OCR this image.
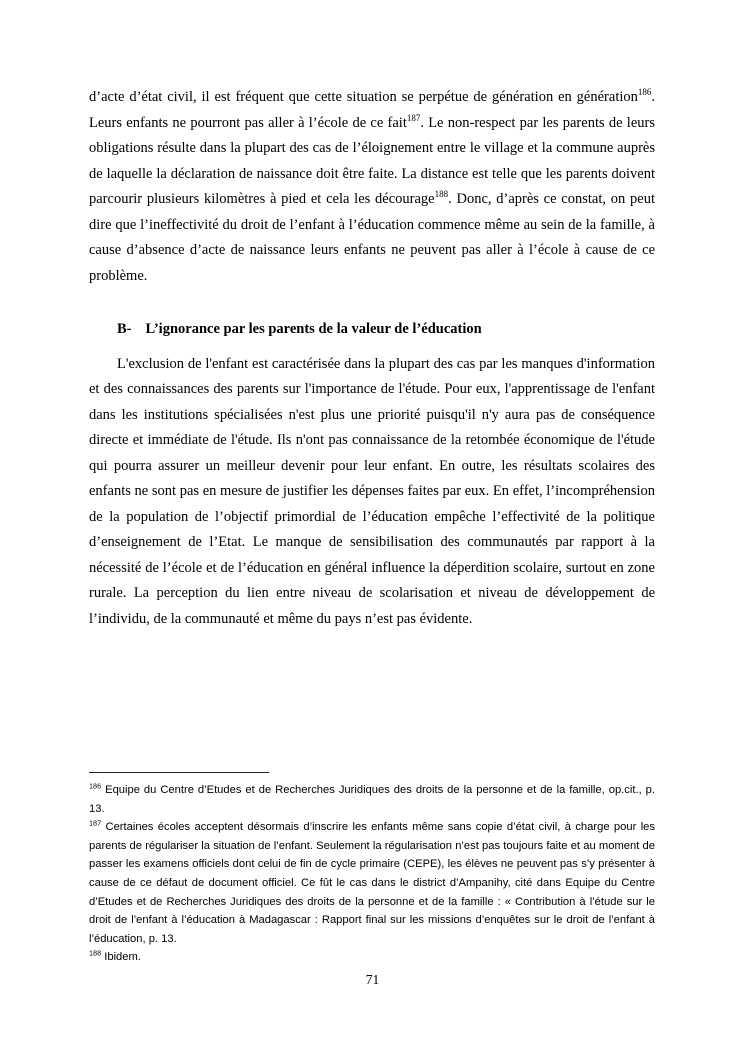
d’acte d’état civil, il est fréquent que cette situation se perpétue de génération en génération$^{186}$. Leurs enfants ne pourront pas aller à l’école de ce fait$^{187}$. Le non-respect par les parents de leurs obligations résulte dans la plupart des cas de l’éloignement entre le village et la commune auprès de laquelle la déclaration de naissance doit être faite. La distance est telle que les parents doivent parcourir plusieurs kilomètres à pied et cela les décourage$^{188}$. Donc, d’après ce constat, on peut dire que l’ineffectivité du droit de l’enfant à l’éducation commence même au sein de la famille, à cause d’absence d’acte de naissance leurs enfants ne peuvent pas aller à l’école à cause de ce problème.

B- L’ignorance par les parents de la valeur de l’éducation

L'exclusion de l'enfant est caractérisée dans la plupart des cas par les manques d'information et des connaissances des parents sur l'importance de l'étude. Pour eux, l'apprentissage de l'enfant dans les institutions spécialisées n'est plus une priorité puisqu'il n'y aura pas de conséquence directe et immédiate de l'étude. Ils n'ont pas connaissance de la retombée économique de l'étude qui pourra assurer un meilleur devenir pour leur enfant. En outre, les résultats scolaires des enfants ne sont pas en mesure de justifier les dépenses faites par eux. En effet, l’incompréhension de la population de l’objectif primordial de l’éducation empêche l’effectivité de la politique d’enseignement de l’Etat. Le manque de sensibilisation des communautés par rapport à la nécessité de l’école et de l’éducation en général influence la déperdition scolaire, surtout en zone rurale. La perception du lien entre niveau de scolarisation et niveau de développement de l’individu, de la communauté et même du pays n’est pas évidente.

$^{186}$ Equipe du Centre d’Etudes et de Recherches Juridiques des droits de la personne et de la famille, op.cit., p. 13.
$^{187}$ Certaines écoles acceptent désormais d’inscrire les enfants même sans copie d’état civil, à charge pour les parents de régulariser la situation de l’enfant. Seulement la régularisation n’est pas toujours faite et au moment de passer les examens officiels dont celui de fin de cycle primaire (CEPE), les élèves ne peuvent pas s’y présenter à cause de ce défaut de document officiel. Ce fût le cas dans le district d’Ampanihy, cité dans Equipe du Centre d’Etudes et de Recherches Juridiques des droits de la personne et de la famille : « Contribution à l’étude sur le droit de l’enfant à l’éducation à Madagascar : Rapport final sur les missions d’enquêtes sur le droit de l’enfant à l’éducation, p. 13.
$^{188}$ Ibidem.
71
